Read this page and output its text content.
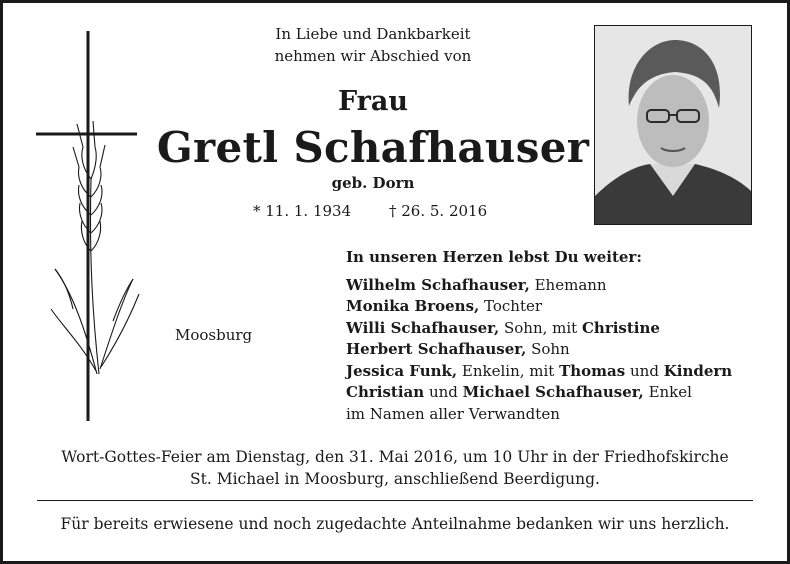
In Liebe und Dankbarkeit
nehmen wir Abschied von
Frau
Gretl Schafhauser
geb. Dorn
* 11. 1. 1934	† 26. 5. 2016
Moosburg
In unseren Herzen lebst Du weiter:
Wilhelm Schafhauser, Ehemann
Monika Broens, Tochter
Willi Schafhauser, Sohn, mit Christine
Herbert Schafhauser, Sohn
Jessica Funk, Enkelin, mit Thomas und Kindern
Christian und Michael Schafhauser, Enkel
im Namen aller Verwandten
Wort-Gottes-Feier am Dienstag, den 31. Mai 2016, um 10 Uhr in der Friedhofskirche
St. Michael in Moosburg, anschließend Beerdigung.
Für bereits erwiesene und noch zugedachte Anteilnahme bedanken wir uns herzlich.
